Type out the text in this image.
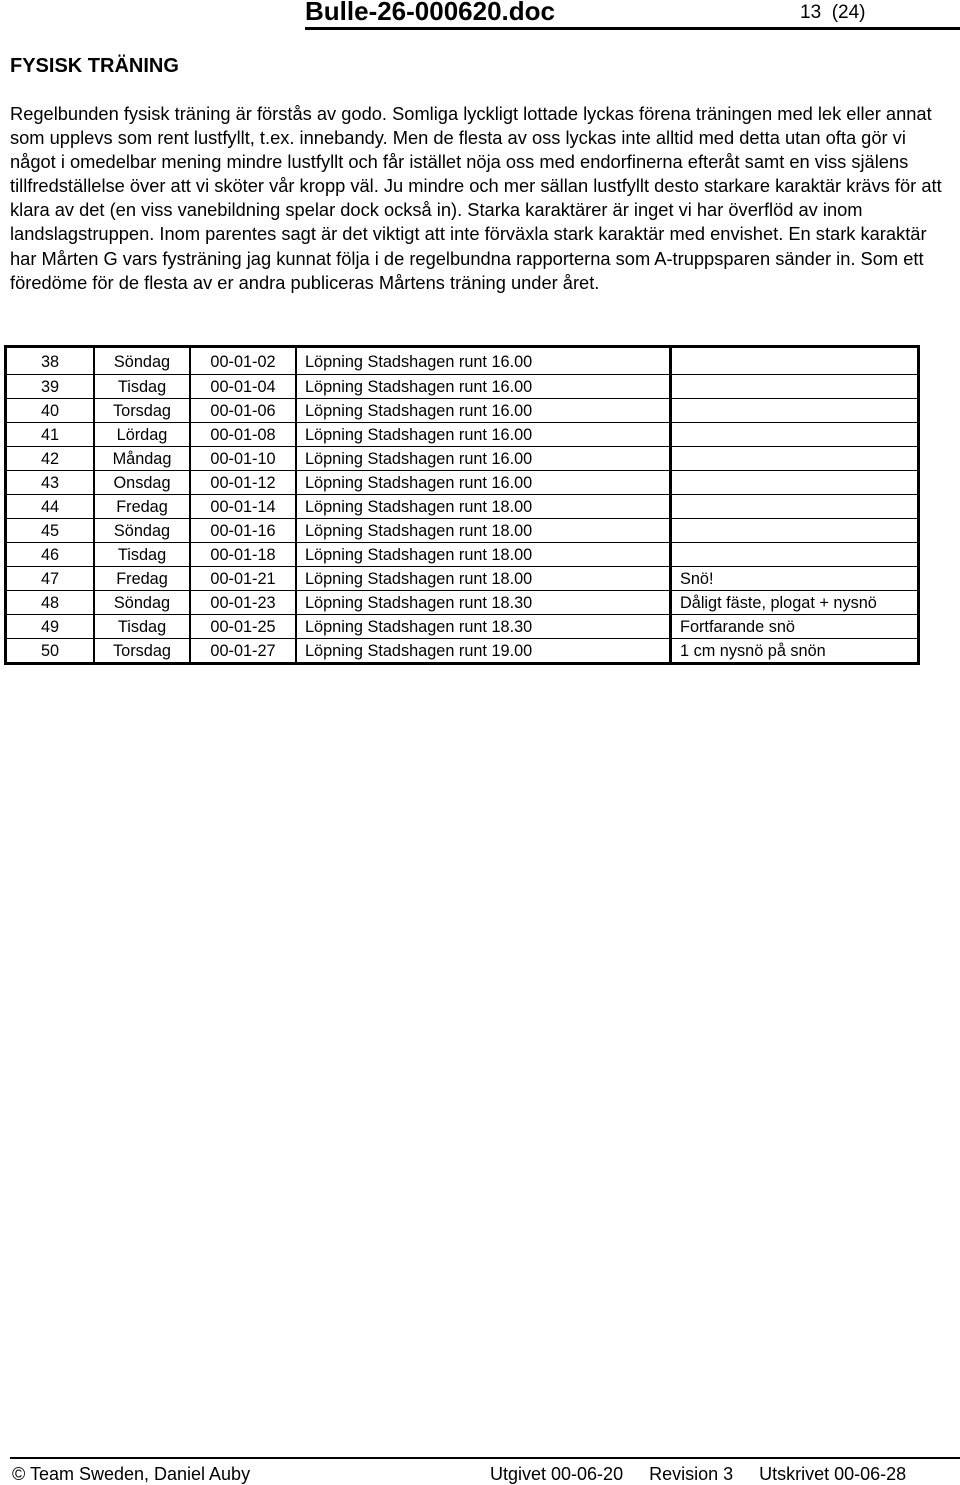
Bulle-26-000620.doc	13 (24)
FYSISK TRÄNING

Regelbunden fysisk träning är förstås av godo. Somliga lyckligt lottade lyckas förena träningen med lek eller annat som upplevs som rent lustfyllt, t.ex. innebandy. Men de flesta av oss lyckas inte alltid med detta utan ofta gör vi något i omedelbar mening mindre lustfyllt och får istället nöja oss med endorfinerna efteråt samt en viss själens tillfredställelse över att vi sköter vår kropp väl. Ju mindre och mer sällan lustfyllt desto starkare karaktär krävs för att klara av det (en viss vanebildning spelar dock också in). Starka karaktärer är inget vi har överflöd av inom landslagstruppen. Inom parentes sagt är det viktigt att inte förväxla stark karaktär med envishet. En stark karaktär har Mårten G vars fysträning jag kunnat följa i de regelbundna rapporterna som A-truppsparen sänder in. Som ett föredöme för de flesta av er andra publiceras Mårtens träning under året.

38	Söndag	00-01-02	Löpning Stadshagen runt 16.00	
39	Tisdag	00-01-04	Löpning Stadshagen runt 16.00	
40	Torsdag	00-01-06	Löpning Stadshagen runt 16.00	
41	Lördag	00-01-08	Löpning Stadshagen runt 16.00	
42	Måndag	00-01-10	Löpning Stadshagen runt 16.00	
43	Onsdag	00-01-12	Löpning Stadshagen runt 16.00	
44	Fredag	00-01-14	Löpning Stadshagen runt 18.00	
45	Söndag	00-01-16	Löpning Stadshagen runt 18.00	
46	Tisdag	00-01-18	Löpning Stadshagen runt 18.00	
47	Fredag	00-01-21	Löpning Stadshagen runt 18.00	Snö!
48	Söndag	00-01-23	Löpning Stadshagen runt 18.30	Dåligt fäste, plogat + nysnö
49	Tisdag	00-01-25	Löpning Stadshagen runt 18.30	Fortfarande snö
50	Torsdag	00-01-27	Löpning Stadshagen runt 19.00	1 cm nysnö på snön
© Team Sweden, Daniel Auby	Utgivet 00-06-20 Revision 3 Utskrivet 00-06-28
